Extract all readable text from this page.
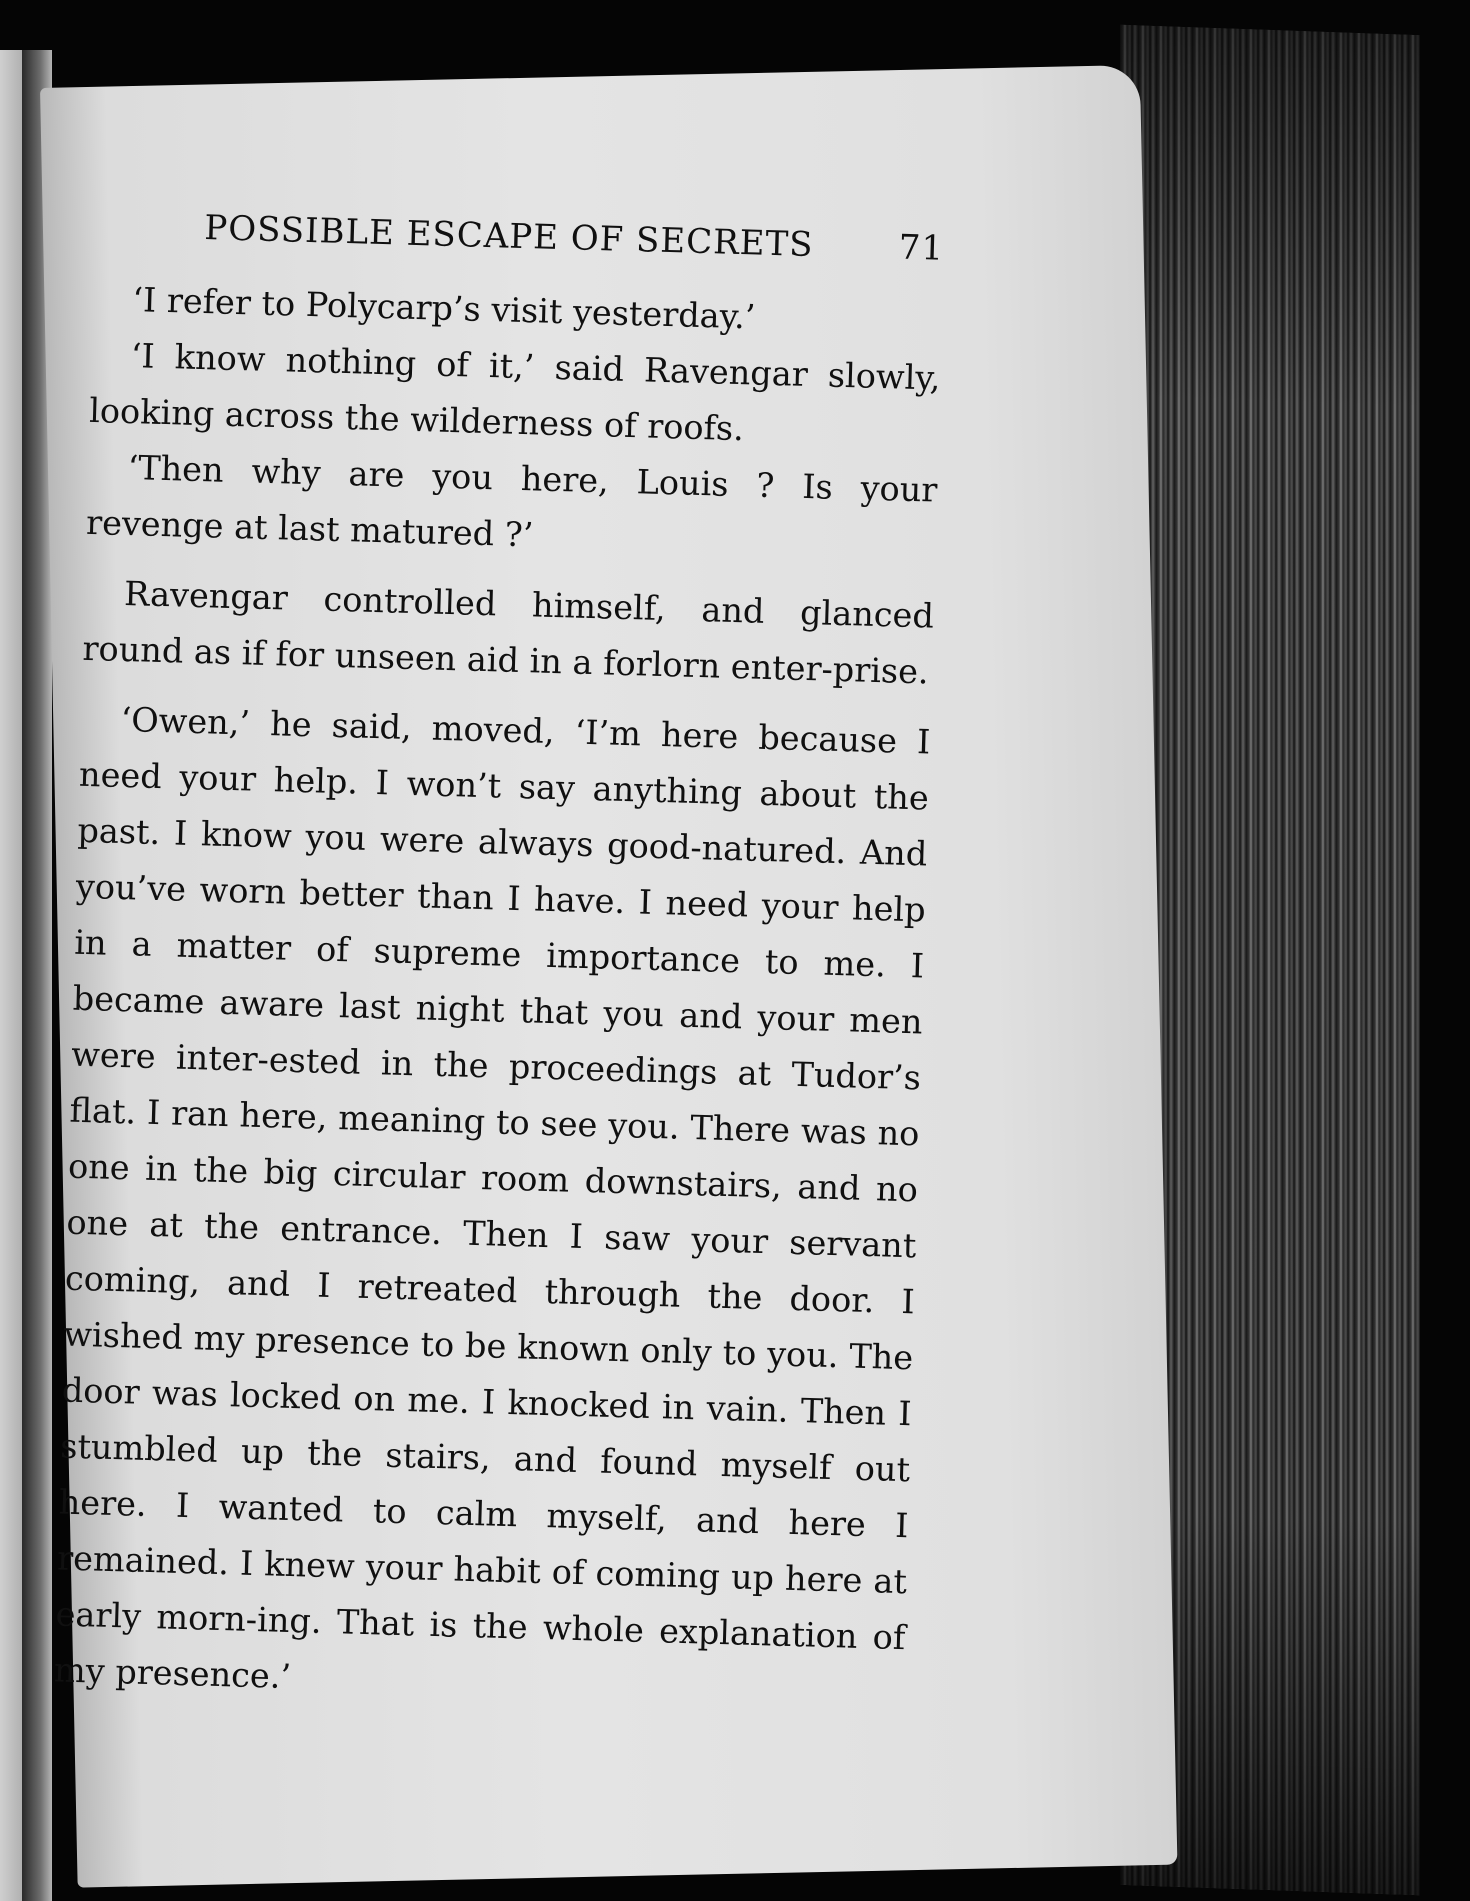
POSSIBLE ESCAPE OF SECRETS 71

‘I refer to Polycarp’s visit yesterday.’

‘I know nothing of it,’ said Ravengar slowly, looking across the wilderness of roofs.

‘Then why are you here, Louis ? Is your revenge at last matured ?’

Ravengar controlled himself, and glanced round as if for unseen aid in a forlorn enter-prise.

‘Owen,’ he said, moved, ‘I’m here because I need your help. I won’t say anything about the past. I know you were always good-natured. And you’ve worn better than I have. I need your help in a matter of supreme importance to me. I became aware last night that you and your men were inter-ested in the proceedings at Tudor’s flat. I ran here, meaning to see you. There was no one in the big circular room downstairs, and no one at the entrance. Then I saw your servant coming, and I retreated through the door. I wished my presence to be known only to you. The door was locked on me. I knocked in vain. Then I stumbled up the stairs, and found myself out here. I wanted to calm myself, and here I remained. I knew your habit of coming up here at early morn-ing. That is the whole explanation of my presence.’
